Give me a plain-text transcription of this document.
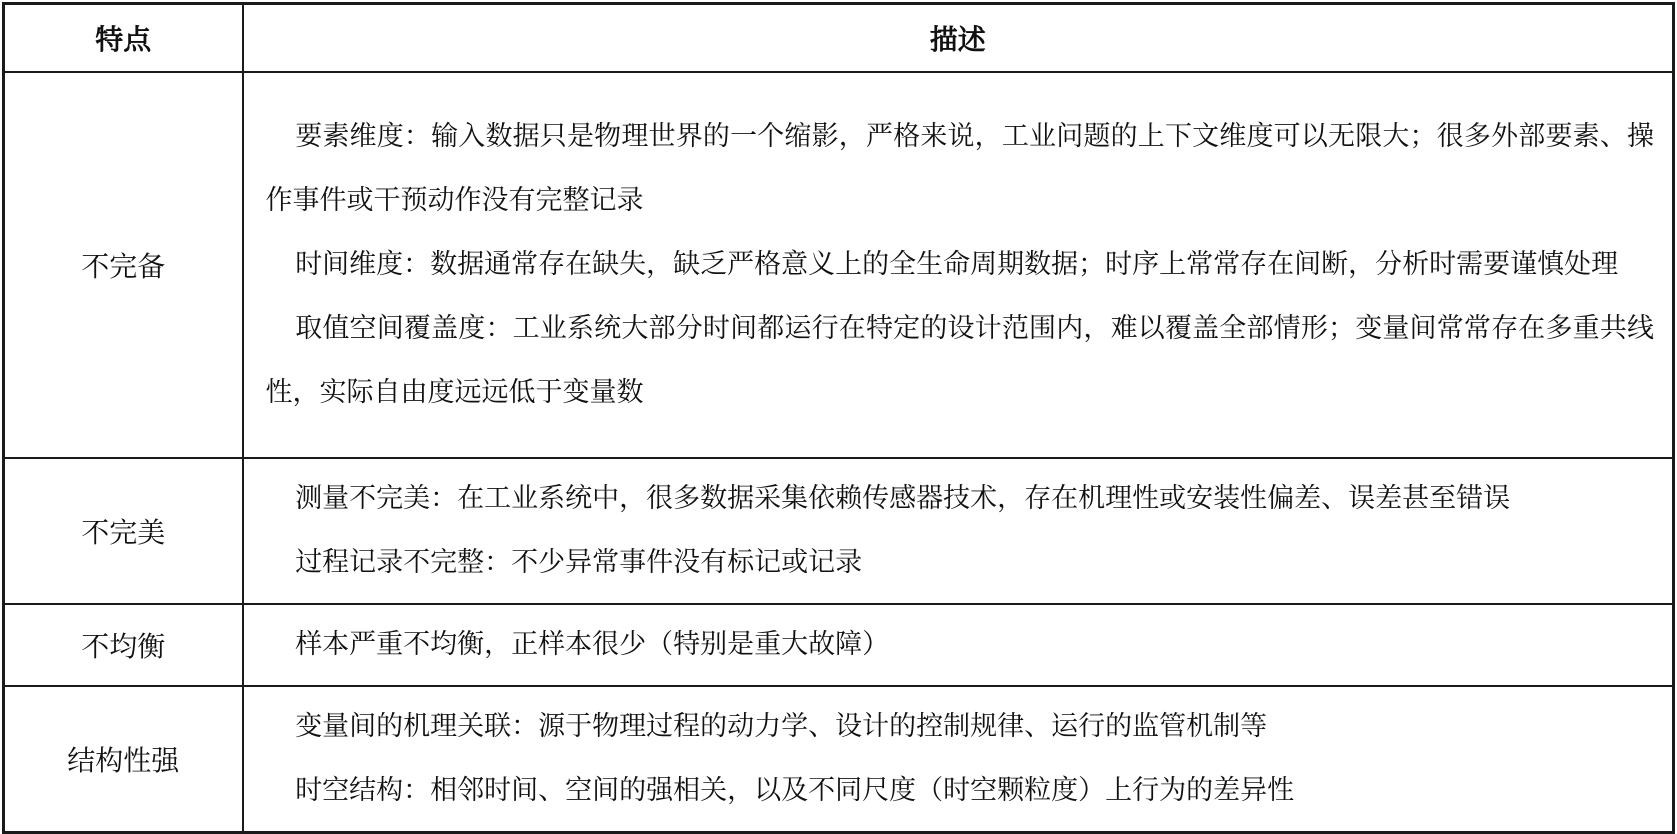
特点	描述
不完备	要素维度：输入数据只是物理世界的一个缩影，严格来说，工业问题的上下文维度可以无限大；很多外部要素、操作事件或干预动作没有完整记录

时间维度：数据通常存在缺失，缺乏严格意义上的全生命周期数据；时序上常常存在间断，分析时需要谨慎处理

取值空间覆盖度：工业系统大部分时间都运行在特定的设计范围内，难以覆盖全部情形；变量间常常存在多重共线性，实际自由度远远低于变量数

不完美	测量不完美：在工业系统中，很多数据采集依赖传感器技术，存在机理性或安装性偏差、误差甚至错误

过程记录不完整：不少异常事件没有标记或记录

不均衡	样本严重不均衡，正样本很少（特别是重大故障）

结构性强	变量间的机理关联：源于物理过程的动力学、设计的控制规律、运行的监管机制等

时空结构：相邻时间、空间的强相关，以及不同尺度（时空颗粒度）上行为的差异性
